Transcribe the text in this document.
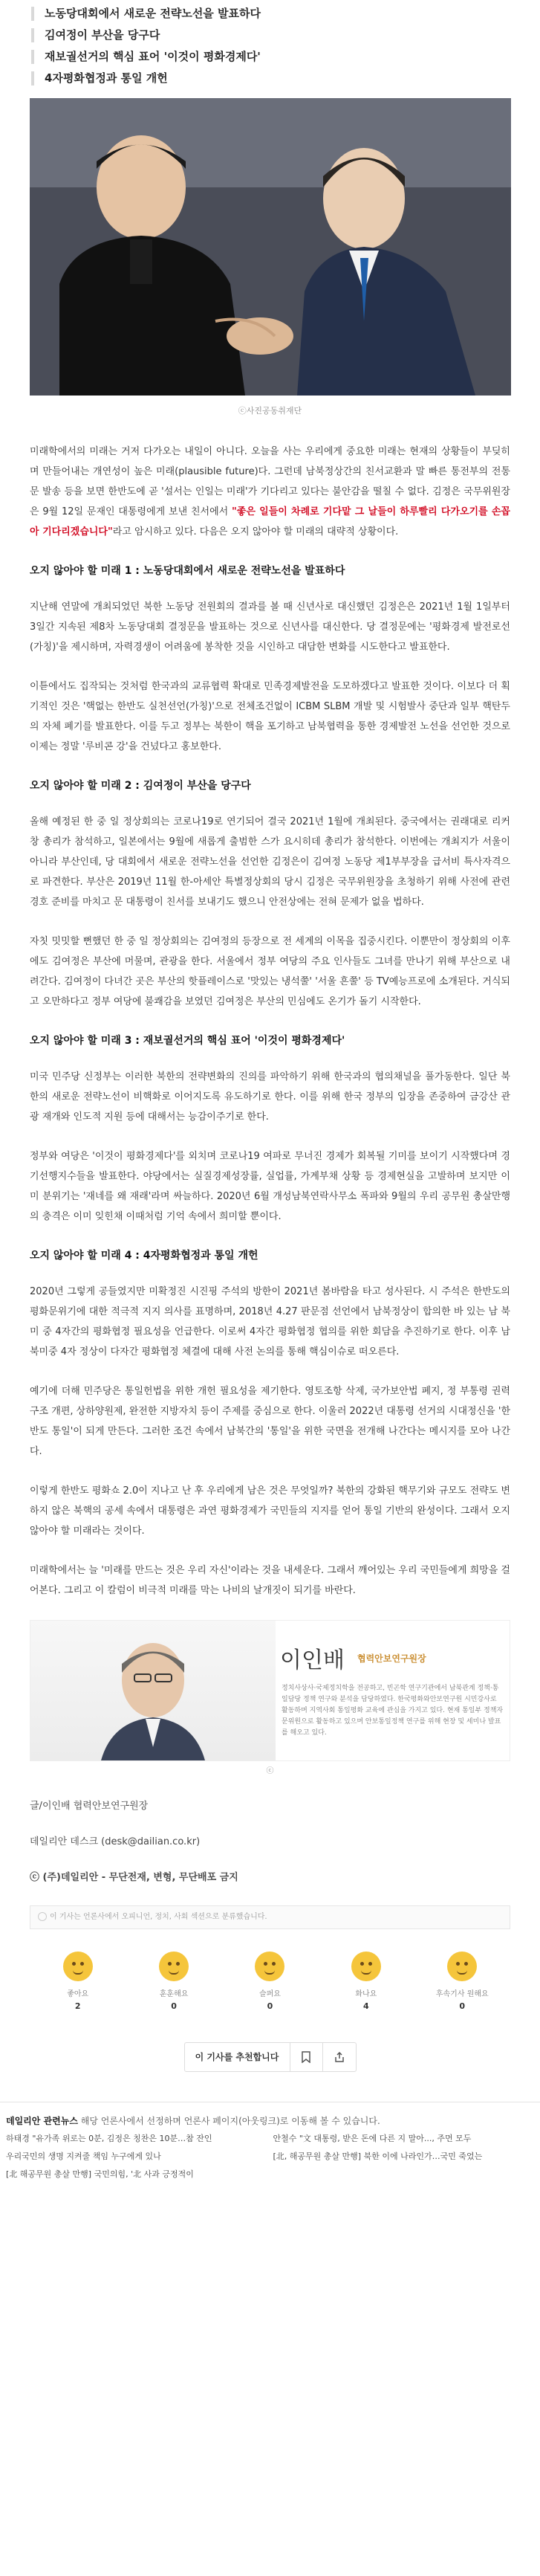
노동당대회에서 새로운 전략노선을 발표하다
김여정이 부산을 당구다
재보궐선거의 핵심 표어 '이것이 평화경제다'
4자평화협정과 통일 개헌
ⓒ사진공동취재단

미래학에서의 미래는 거저 다가오는 내일이 아니다. 오늘을 사는 우리에게 중요한 미래는 현재의 상황들이 부딪히며 만들어내는 개연성이 높은 미래(plausible future)다. 그런데 남북정상간의 친서교환과 말 빠른 통전부의 전통문 발송 등을 보면 한반도에 곧 '설서는 인일는 미래'가 기다리고 있다는 불안감을 떨칠 수 없다. 김정은 국무위원장은 9월 12일 문재인 대통령에게 보낸 친서에서 "좋은 일들이 차례로 기다맡 그 날들이 하루빨리 다가오기를 손꼽아 기다리겠습니다"라고 암시하고 있다. 다음은 오지 않아야 할 미래의 대략적 상황이다.

오지 않아야 할 미래 1 : 노동당대회에서 새로운 전략노선을 발표하다

지난해 연말에 개최되었던 북한 노동당 전원회의 결과를 볼 때 신년사로 대신했던 김정은은 2021년 1월 1일부터 3일간 지속된 제8차 노동당대회 결정문을 발표하는 것으로 신년사를 대신한다. 당 결정문에는 '평화경제 발전로선(가칭)'을 제시하며, 자력경생이 어려움에 봉착한 것을 시인하고 대담한 변화를 시도한다고 발표한다.

이튿에서도 집작되는 것처럼 한국과의 교류협력 확대로 민족경제발전을 도모하겠다고 발표한 것이다. 이보다 더 획기적인 것은 '핵없는 한반도 실천선언(가칭)'으로 전체조건없이 ICBM SLBM 개발 및 시험발사 중단과 일부 핵탄두의 자체 폐기를 발표한다. 이를 두고 정부는 북한이 핵을 포기하고 남북협력을 통한 경제발전 노선을 선언한 것으로 이제는 정말 '루비콘 강'을 건넜다고 홍보한다.

오지 않아야 할 미래 2 : 김여정이 부산을 당구다

올해 예정된 한 중 일 정상회의는 코로나19로 연기되어 결국 2021년 1월에 개최된다. 중국에서는 권래대로 리커창 총리가 참석하고, 일본에서는 9월에 새롭게 출범한 스가 요시히데 총리가 참석한다. 이번에는 개최지가 서울이 아니라 부산인데, 당 대회에서 새로운 전략노선을 선언한 김정은이 김여정 노동당 제1부부장을 급서비 특사자격으로 파견한다. 부산은 2019년 11월 한-아세안 특별정상회의 당시 김정은 국무위원장을 초청하기 위해 사전에 관련 경호 준비를 마치고 문 대통령이 친서를 보내기도 했으니 안전상에는 전혀 문제가 없을 법하다.

자칫 밋밋할 뻔했던 한 중 일 정상회의는 김여정의 등장으로 전 세계의 이목을 집중시킨다. 이뿐만이 정상회의 이후에도 김여정은 부산에 머물며, 관광을 한다. 서울에서 정부 여당의 주요 인사들도 그녀를 만나기 위해 부산으로 내려간다. 김여정이 다녀간 곳은 부산의 핫플레이스로 '맛있는 냉석쭐' '서울 흔쭐' 등 TV예능프로에 소개된다. 거식되고 오만하다고 정부 여당에 불쾌감을 보였던 김여정은 부산의 민심에도 온기가 돌기 시작한다.

오지 않아야 할 미래 3 : 재보궐선거의 핵심 표어 '이것이 평화경제다'

미국 민주당 신정부는 이러한 북한의 전략변화의 진의를 파악하기 위해 한국과의 협의채널을 풀가동한다. 일단 북한의 새로운 전략노선이 비핵화로 이어지도록 유도하기로 한다. 이를 위해 한국 정부의 입장을 존중하여 금강산 관광 재개와 인도적 지원 등에 대해서는 능감이주기로 한다.

정부와 여당은 '이것이 평화경제다'를 외치며 코로나19 여파로 무너진 경제가 회복될 기미를 보이기 시작했다며 경기선행지수들을 발표한다. 야당에서는 실질경제성장률, 실업률, 가계부채 상황 등 경제현실을 고발하며 보지만 이미 분위기는 '재네를 왜 재래'라며 싸늘하다. 2020년 6월 개성남북연락사무소 폭파와 9월의 우리 공무원 총살만행의 충격은 이미 잊힌채 이때처럼 기억 속에서 희미할 뿐이다.

오지 않아야 할 미래 4 : 4자평화협정과 통일 개헌

2020년 그렇게 공들였지만 미확정진 시진핑 주석의 방한이 2021년 봄바람을 타고 성사된다. 시 주석은 한반도의 평화문위기에 대한 적극적 지지 의사를 표명하며, 2018년 4.27 판문점 선언에서 남북정상이 합의한 바 있는 남 북 미 중 4자간의 평화협정 필요성을 언급한다. 이로써 4자간 평화협정 협의를 위한 회담을 추진하기로 한다. 이후 남북미중 4자 정상이 다자간 평화협정 체결에 대해 사전 논의를 통해 핵심이슈로 떠오른다.

예기에 더해 민주당은 통일헌법을 위한 개헌 필요성을 제기한다. 영토조항 삭제, 국가보안법 폐지, 정 부통령 권력구조 개편, 상하양원제, 완전한 지방자치 등이 주제를 중심으로 한다. 이울러 2022년 대통령 선거의 시대정신을 '한반도 통일'이 되게 만든다. 그러한 조건 속에서 남북간의 '통일'을 위한 국면을 전개해 나간다는 메시지를 모아 나간다.

이렇게 한반도 평화쇼 2.0이 지나고 난 후 우리에게 남은 것은 무엇일까? 북한의 강화된 핵무기와 규모도 전략도 변하지 않은 북핵의 공세 속에서 대통령은 과연 평화경제가 국민들의 지지를 얻어 통일 기반의 완성이다. 그래서 오지 않아야 할 미래라는 것이다.

미래학에서는 늘 '미래를 만드는 것은 우리 자신'이라는 것을 내세운다. 그래서 깨어있는 우리 국민들에게 희망을 걸어본다. 그리고 이 칼럼이 비극적 미래를 막는 나비의 날개짓이 되기를 바란다.

이인배 협력안보연구원장
정치사상사·국제정치학을 전공하고, 빈곤학 연구기관에서 남북관계 정책·통일담당 정책 연구와 분석을 담당하였다. 한국평화와안보연구원 시민강사로 활동하며 지역사회 통일평화 교육에 관심을 가지고 있다. 현재 통일부 정책자문위원으로 활동하고 있으며 안보통일정책 연구를 위해 현장 및 세미나 발표를 해오고 있다.
ⓒ
글/이인배 협력안보연구원장
데일리안 데스크 (desk@dailian.co.kr)
ⓒ (주)데일리안 - 무단전재, 변형, 무단배포 금지
이 기사는 언론사에서 오피니언, 정치, 사회 섹션으로 분류했습니다.
좋아요
2
훈훈해요
0
슬퍼요
0
화나요
4
후속기사 원해요
0
이 기사를 추천합니다
데일리안 관련뉴스 해당 언론사에서 선정하며 언론사 페이지(아웃링크)로 이동해 볼 수 있습니다.
하태경 "유가족 위로는 0분, 김정은 칭찬은 10분…참 잔인	안철수 "文 대통령, 받은 돈에 다른 지 말아..., 주먼 모두
우리국민의 생명 지켜줄 책임 누구에게 있나	[北, 해공무원 총살 만행] 북한 이에 나라인가…국민 죽었는
[北 해공무원 총살 만행] 국민의힘, '北 사과 긍정적이
